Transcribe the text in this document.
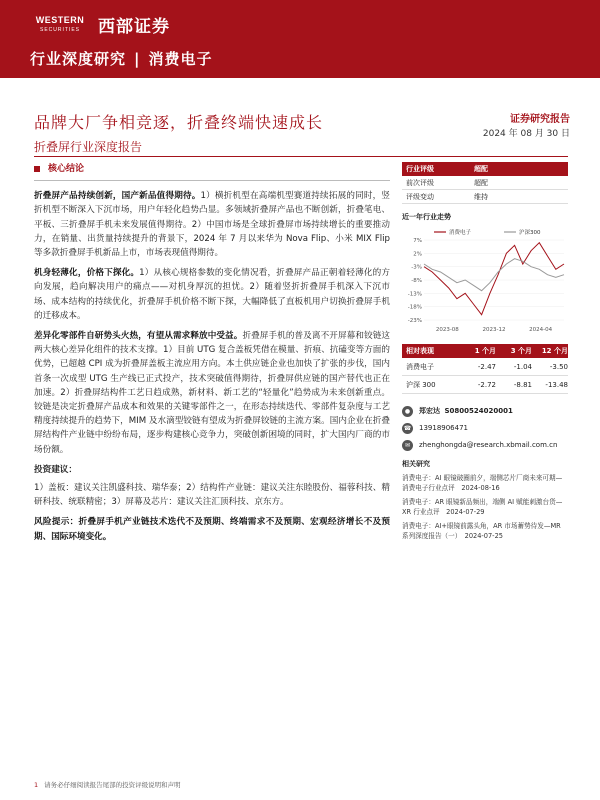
WESTERN
SECURITIES	西部证券
行业深度研究 | 消费电子
品牌大厂争相竞逐，折叠终端快速成长
折叠屏行业深度报告
证券研究报告
2024 年 08 月 30 日
核心结论

折叠屏产品持续创新，国产新品值得期待。1）横折机型在高端机型赛道持续拓展的同时，竖折机型不断深入下沉市场，用户年轻化趋势凸显。多领域折叠屏产品也不断创新，折叠笔电、平板、三折叠屏手机未来发展值得期待。2）中国市场是全球折叠屏市场持续增长的重要推动力，在销量、出货量持续提升的背景下，2024 年 7 月以来华为 Nova Flip、小米 MIX Flip 等多款折叠屏手机新品上市，市场表现值得期待。

机身轻薄化，价格下探化。1）从核心规格参数的变化情况看，折叠屏产品正朝着轻薄化的方向发展，趋向解决用户的痛点——对机身厚沉的担忧。2）随着竖折折叠屏手机深入下沉市场、成本结构的持续优化，折叠屏手机价格不断下探，大幅降低了直板机用户切换折叠屏手机的迁移成本。

差异化零部件自研势头火热，有望从需求释放中受益。折叠屏手机的普及离不开屏幕和铰链这两大核心差异化组件的技术支撑。1）目前 UTG 复合盖板凭借在模量、折痕、抗磕变等方面的优势，已超越 CPI 成为折叠屏盖板主流应用方向。本土供应链企业也加快了扩张的步伐，国内首条一次成型 UTG 生产线已正式投产，技术突破值得期待，折叠屏供应链的国产替代也正在加速。2）折叠屏结构件工艺日趋成熟，新材料、新工艺的“轻量化”趋势成为未来创新重点。铰链是决定折叠屏产品成本和效果的关键零部件之一，在形态持续迭代、零部件复杂度与工艺精度持续提升的趋势下，MIM 及水滴型铰链有望成为折叠屏铰链的主流方案。国内企业在折叠屏结构件产业链中纷纷布局，逐步构建核心竞争力，突破创新困境的同时，扩大国内厂商的市场份额。

投资建议：

1）盖板：建议关注凯盛科技、瑞华泰；2）结构件产业链：建议关注东睦股份、福蓉科技、精研科技、统联精密；3）屏幕及芯片：建议关注汇顶科技、京东方。

风险提示：折叠屏手机产业链技术迭代不及预期、终端需求不及预期、宏观经济增长不及预期、国际环境变化。

行业评级	超配
前次评级	超配
评级变动	维持
近一年行业走势
7%
2%
-3%
-8%
-13%
-18%
-23%
2023-08	2023-12	2024-04
消费电子	沪深300
相对表现	1 个月	3 个月	12 个月
消费电子	-2.47	-1.04	-3.50
沪深 300	-2.72	-8.81	-13.48
●	郑宏达
S0800524020001
☎ 13918906471
✉	zhenghongda@research.xbmail.com.cn
相关研究
消费电子：AI 眼镜破圈前夕，端侧芯片厂商未来可期—消费电子行业点评　2024-08-16
消费电子：AR 眼镜新品频出，端侧 AI 赋能刺激台货—XR 行业点评　2024-07-29
消费电子：AI+眼镜前露头角，AR 市场蓄势待发—MR 系列深度报告（一）　2024-07-25
1 请务必仔细阅读报告尾部的投资评级说明和声明
